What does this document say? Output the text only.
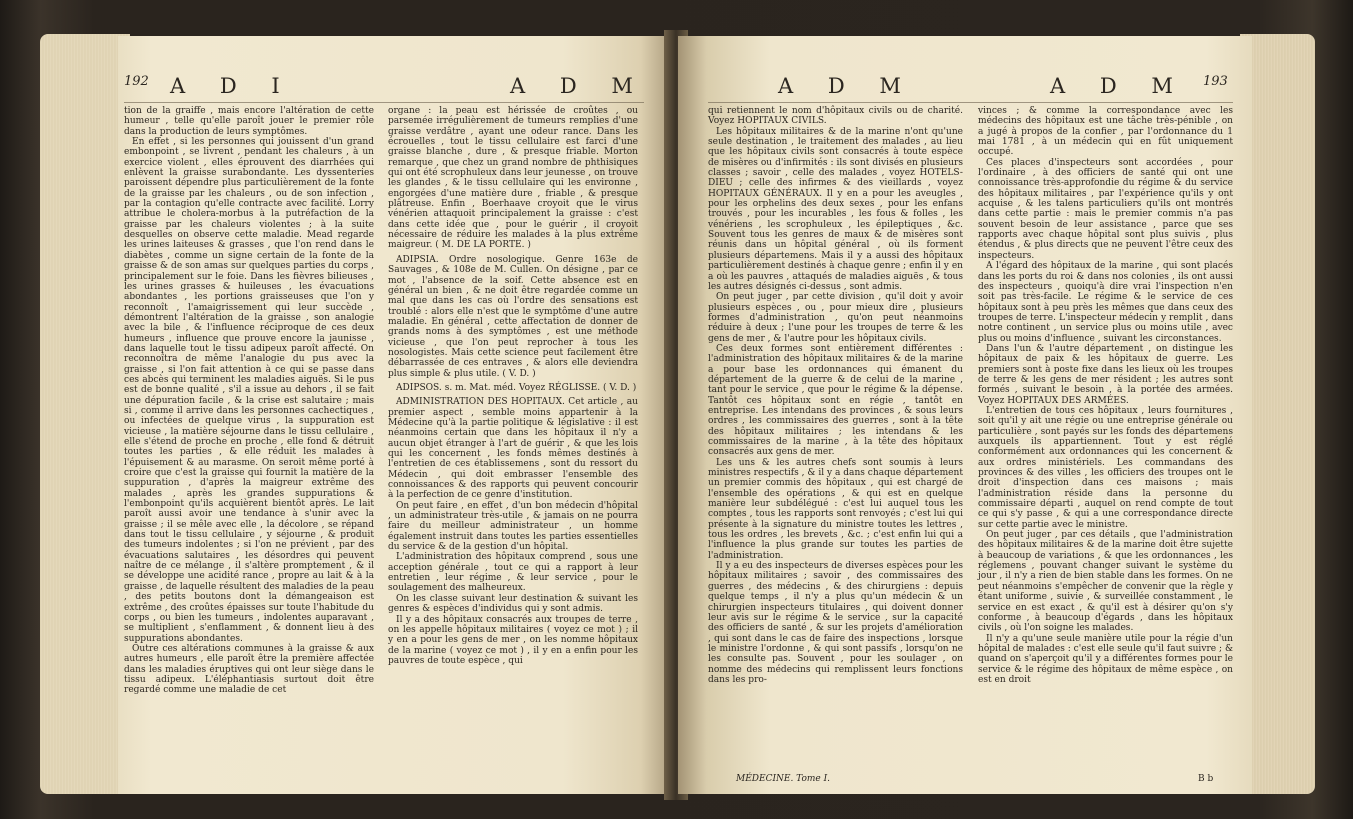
192 A D I	A D M

tion de la graiffe , mais encore l'altération de cette humeur , telle qu'elle paroît jouer le premier rôle dans la production de leurs symptômes.

En effet , si les personnes qui jouissent d'un grand embonpoint , se livrent , pendant les chaleurs , à un exercice violent , elles éprouvent des diarrhées qui enlèvent la graisse surabondante. Les dyssenteries paroissent dépendre plus particulièrement de la fonte de la graisse par les chaleurs , ou de son infection , par la contagion qu'elle contracte avec facilité. Lorry attribue le cholera-morbus à la putréfaction de la graisse par les chaleurs violentes ; à la suite desquelles on observe cette maladie. Mead regarde les urines laiteuses & grasses , que l'on rend dans le diabètes , comme un signe certain de la fonte de la graisse & de son amas sur quelques parties du corps , principalement sur le foie. Dans les fièvres bilieuses , les urines grasses & huileuses , les évacuations abondantes , les portions graisseuses que l'on y reconnoît , l'amaigrissement qui leur succède , démontrent l'altération de la graisse , son analogie avec la bile , & l'influence réciproque de ces deux humeurs , influence que prouve encore la jaunisse , dans laquelle tout le tissu adipeux paroît affecté. On reconnoîtra de même l'analogie du pus avec la graisse , si l'on fait attention à ce qui se passe dans ces abcès qui terminent les maladies aiguës. Si le pus est de bonne qualité , s'il a issue au dehors , il se fait une dépuration facile , & la crise est salutaire ; mais si , comme il arrive dans les personnes cachectiques , ou infectées de quelque virus , la suppuration est vicieuse , la matière séjourne dans le tissu cellulaire , elle s'étend de proche en proche , elle fond & détruit toutes les parties , & elle réduit les malades à l'épuisement & au marasme. On seroit même porté à croire que c'est la graisse qui fournit la matière de la suppuration , d'après la maigreur extrême des malades , après les grandes suppurations & l'embonpoint qu'ils acquièrent bientôt après. Le lait paroît aussi avoir une tendance à s'unir avec la graisse ; il se mêle avec elle , la décolore , se répand dans tout le tissu cellulaire , y séjourne , & produit des tumeurs indolentes ; si l'on ne prévient , par des évacuations salutaires , les désordres qui peuvent naître de ce mélange , il s'altère promptement , & il se développe une acidité rance , propre au lait & à la graisse , de laquelle résultent des maladies de la peau , des petits boutons dont la démangeaison est extrême , des croûtes épaisses sur toute l'habitude du corps , ou bien les tumeurs , indolentes auparavant , se multiplient , s'enflamment , & donnent lieu à des suppurations abondantes.

Outre ces altérations communes à la graisse & aux autres humeurs , elle paroît être la première affectée dans les maladies éruptives qui ont leur siège dans le tissu adipeux. L'éléphantiasis surtout doit être regardé comme une maladie de cet

organe : la peau est hérissée de croûtes , ou parsemée irrégulièrement de tumeurs remplies d'une graisse verdâtre , ayant une odeur rance. Dans les écrouelles , tout le tissu cellulaire est farci d'une graisse blanche , dure , & presque friable. Morton remarque , que chez un grand nombre de phthisiques qui ont été scrophuleux dans leur jeunesse , on trouve les glandes , & le tissu cellulaire qui les environne , engorgées d'une matière dure , friable , & presque plâtreuse. Enfin , Boerhaave croyoit que le virus vénérien attaquoit principalement la graisse : c'est dans cette idée que , pour le guérir , il croyoit nécessaire de réduire les malades à la plus extrême maigreur. ( M. DE LA PORTE. )

ADIPSIA. Ordre nosologique. Genre 163e de Sauvages , & 108e de M. Cullen. On désigne , par ce mot , l'absence de la soif. Cette absence est en général un bien , & ne doit être regardée comme un mal que dans les cas où l'ordre des sensations est troublé : alors elle n'est que le symptôme d'une autre maladie. En général , cette affectation de donner de grands noms à des symptômes , est une méthode vicieuse , que l'on peut reprocher à tous les nosologistes. Mais cette science peut facilement être débarrassée de ces entraves , & alors elle deviendra plus simple & plus utile. ( V. D. )

ADIPSOS. s. m. Mat. méd. Voyez RÉGLISSE. ( V. D. )

ADMINISTRATION DES HOPITAUX. Cet article , au premier aspect , semble moins appartenir à la Médecine qu'à la partie politique & législative : il est néanmoins certain que dans les hôpitaux il n'y a aucun objet étranger à l'art de guérir , & que les lois qui les concernent , les fonds mêmes destinés à l'entretien de ces établissemens , sont du ressort du Médecin , qui doit embrasser l'ensemble des connoissances & des rapports qui peuvent concourir à la perfection de ce genre d'institution.

On peut faire , en effet , d'un bon médecin d'hôpital , un administrateur très-utile , & jamais on ne pourra faire du meilleur administrateur , un homme également instruit dans toutes les parties essentielles du service & de la gestion d'un hôpital.

L'administration des hôpitaux comprend , sous une acception générale , tout ce qui a rapport à leur entretien , leur régime , & leur service , pour le soulagement des malheureux.

On les classe suivant leur destination & suivant les genres & espèces d'individus qui y sont admis.

Il y a des hôpitaux consacrés aux troupes de terre , on les appelle hôpitaux militaires ( voyez ce mot ) ; il y en a pour les gens de mer , on les nomme hôpitaux de la marine ( voyez ce mot ) , il y en a enfin pour les pauvres de toute espèce , qui

A D M	A D M 193

qui retiennent le nom d'hôpitaux civils ou de charité. Voyez HOPITAUX CIVILS.

Les hôpitaux militaires & de la marine n'ont qu'une seule destination , le traitement des malades , au lieu que les hôpitaux civils sont consacrés à toute espèce de misères ou d'infirmités : ils sont divisés en plusieurs classes ; savoir , celle des malades , voyez HOTELS-DIEU ; celle des infirmes & des vieillards , voyez HOPITAUX GÉNÉRAUX. Il y en a pour les aveugles , pour les orphelins des deux sexes , pour les enfans trouvés , pour les incurables , les fous & folles , les vénériens , les scrophuleux , les épileptiques , &c. Souvent tous les genres de maux & de misères sont réunis dans un hôpital général , où ils forment plusieurs départemens. Mais il y a aussi des hôpitaux particulièrement destinés à chaque genre ; enfin il y en a où les pauvres , attaqués de maladies aiguës , & tous les autres désignés ci-dessus , sont admis.

On peut juger , par cette division , qu'il doit y avoir plusieurs espèces , ou , pour mieux dire , plusieurs formes d'administration , qu'on peut néanmoins réduire à deux ; l'une pour les troupes de terre & les gens de mer , & l'autre pour les hôpitaux civils.

Ces deux formes sont entièrement différentes : l'administration des hôpitaux militaires & de la marine a pour base les ordonnances qui émanent du département de la guerre & de celui de la marine , tant pour le service , que pour le régime & la dépense. Tantôt ces hôpitaux sont en régie , tantôt en entreprise. Les intendans des provinces , & sous leurs ordres , les commissaires des guerres , sont à la tête des hôpitaux militaires ; les intendans & les commissaires de la marine , à la tête des hôpitaux consacrés aux gens de mer.

Les uns & les autres chefs sont soumis à leurs ministres respectifs , & il y a dans chaque département un premier commis des hôpitaux , qui est chargé de l'ensemble des opérations , & qui est en quelque manière leur subdélégué : c'est lui auquel tous les comptes , tous les rapports sont renvoyés ; c'est lui qui présente à la signature du ministre toutes les lettres , tous les ordres , les brevets , &c. ; c'est enfin lui qui a l'influence la plus grande sur toutes les parties de l'administration.

Il y a eu des inspecteurs de diverses espèces pour les hôpitaux militaires ; savoir , des commissaires des guerres , des médecins , & des chirurgiens : depuis quelque temps , il n'y a plus qu'un médecin & un chirurgien inspecteurs titulaires , qui doivent donner leur avis sur le régime & le service , sur la capacité des officiers de santé , & sur les projets d'amélioration , qui sont dans le cas de faire des inspections , lorsque le ministre l'ordonne , & qui sont passifs , lorsqu'on ne les consulte pas. Souvent , pour les soulager , on nomme des médecins qui remplissent leurs fonctions dans les pro-

vinces ; & comme la correspondance avec les médecins des hôpitaux est une tâche très-pénible , on a jugé à propos de la confier , par l'ordonnance du 1 mai 1781 , à un médecin qui en fût uniquement occupé.

Ces places d'inspecteurs sont accordées , pour l'ordinaire , à des officiers de santé qui ont une connoissance très-approfondie du régime & du service des hôpitaux militaires , par l'expérience qu'ils y ont acquise , & les talens particuliers qu'ils ont montrés dans cette partie : mais le premier commis n'a pas souvent besoin de leur assistance , parce que ses rapports avec chaque hôpital sont plus suivis , plus étendus , & plus directs que ne peuvent l'être ceux des inspecteurs.

A l'égard des hôpitaux de la marine , qui sont placés dans les ports du roi & dans nos colonies , ils ont aussi des inspecteurs , quoiqu'à dire vrai l'inspection n'en soit pas très-facile. Le régime & le service de ces hôpitaux sont à peu près les mêmes que dans ceux des troupes de terre. L'inspecteur médecin y remplit , dans notre continent , un service plus ou moins utile , avec plus ou moins d'influence , suivant les circonstances.

Dans l'un & l'autre département , on distingue les hôpitaux de paix & les hôpitaux de guerre. Les premiers sont à poste fixe dans les lieux où les troupes de terre & les gens de mer résident ; les autres sont formés , suivant le besoin , à la portée des armées. Voyez HOPITAUX DES ARMÉES.

L'entretien de tous ces hôpitaux , leurs fournitures , soit qu'il y ait une régie ou une entreprise générale ou particulière , sont payés sur les fonds des départemens auxquels ils appartiennent. Tout y est réglé conformément aux ordonnances qui les concernent & aux ordres ministériels. Les commandans des provinces & des villes , les officiers des troupes ont le droit d'inspection dans ces maisons ; mais l'administration réside dans la personne du commissaire départi , auquel on rend compte de tout ce qui s'y passe , & qui a une correspondance directe sur cette partie avec le ministre.

On peut juger , par ces détails , que l'administration des hôpitaux militaires & de la marine doit être sujette à beaucoup de variations , & que les ordonnances , les réglemens , pouvant changer suivant le système du jour , il n'y a rien de bien stable dans les formes. On ne peut néanmoins s'empêcher de convenir que la règle y étant uniforme , suivie , & surveillée constamment , le service en est exact , & qu'il est à désirer qu'on s'y conforme , à beaucoup d'égards , dans les hôpitaux civils , où l'on soigne les malades.

Il n'y a qu'une seule manière utile pour la régie d'un hôpital de malades : c'est elle seule qu'il faut suivre ; & quand on s'aperçoit qu'il y a différentes formes pour le service & le régime des hôpitaux de même espèce , on est en droit

MÉDECINE. Tome I.	B b
